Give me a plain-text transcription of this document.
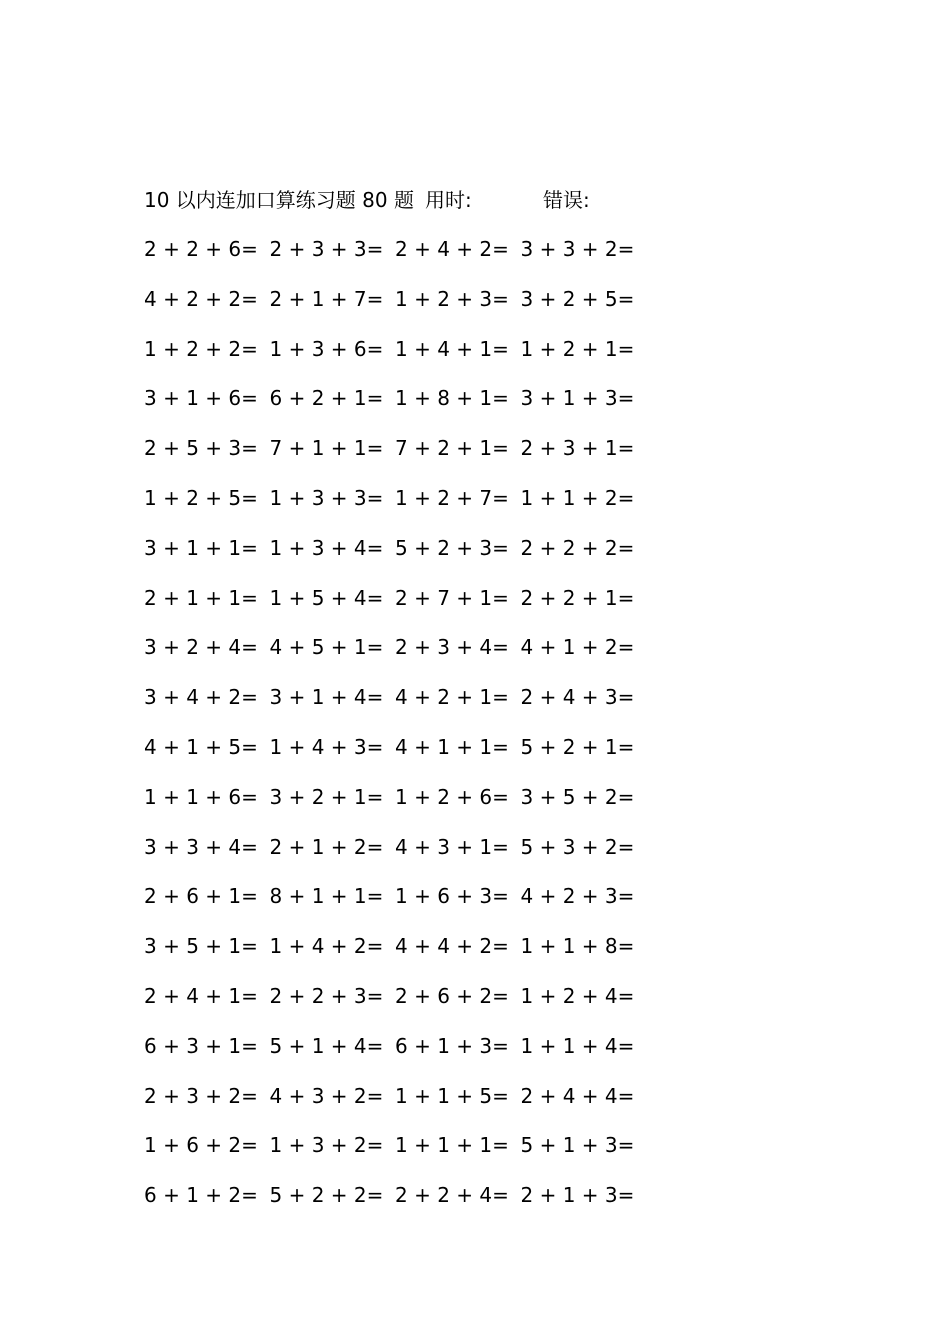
10 以内连加口算练习题 80 题 用时:	错误:
2 + 2 + 6= 2 + 3 + 3= 2 + 4 + 2= 3 + 3 + 2=
4 + 2 + 2= 2 + 1 + 7= 1 + 2 + 3= 3 + 2 + 5=
1 + 2 + 2= 1 + 3 + 6= 1 + 4 + 1= 1 + 2 + 1=
3 + 1 + 6= 6 + 2 + 1= 1 + 8 + 1= 3 + 1 + 3=
2 + 5 + 3= 7 + 1 + 1= 7 + 2 + 1= 2 + 3 + 1=
1 + 2 + 5= 1 + 3 + 3= 1 + 2 + 7= 1 + 1 + 2=
3 + 1 + 1= 1 + 3 + 4= 5 + 2 + 3= 2 + 2 + 2=
2 + 1 + 1= 1 + 5 + 4= 2 + 7 + 1= 2 + 2 + 1=
3 + 2 + 4= 4 + 5 + 1= 2 + 3 + 4= 4 + 1 + 2=
3 + 4 + 2= 3 + 1 + 4= 4 + 2 + 1= 2 + 4 + 3=
4 + 1 + 5= 1 + 4 + 3= 4 + 1 + 1= 5 + 2 + 1=
1 + 1 + 6= 3 + 2 + 1= 1 + 2 + 6= 3 + 5 + 2=
3 + 3 + 4= 2 + 1 + 2= 4 + 3 + 1= 5 + 3 + 2=
2 + 6 + 1= 8 + 1 + 1= 1 + 6 + 3= 4 + 2 + 3=
3 + 5 + 1= 1 + 4 + 2= 4 + 4 + 2= 1 + 1 + 8=
2 + 4 + 1= 2 + 2 + 3= 2 + 6 + 2= 1 + 2 + 4=
6 + 3 + 1= 5 + 1 + 4= 6 + 1 + 3= 1 + 1 + 4=
2 + 3 + 2= 4 + 3 + 2= 1 + 1 + 5= 2 + 4 + 4=
1 + 6 + 2= 1 + 3 + 2= 1 + 1 + 1= 5 + 1 + 3=
6 + 1 + 2= 5 + 2 + 2= 2 + 2 + 4= 2 + 1 + 3=
